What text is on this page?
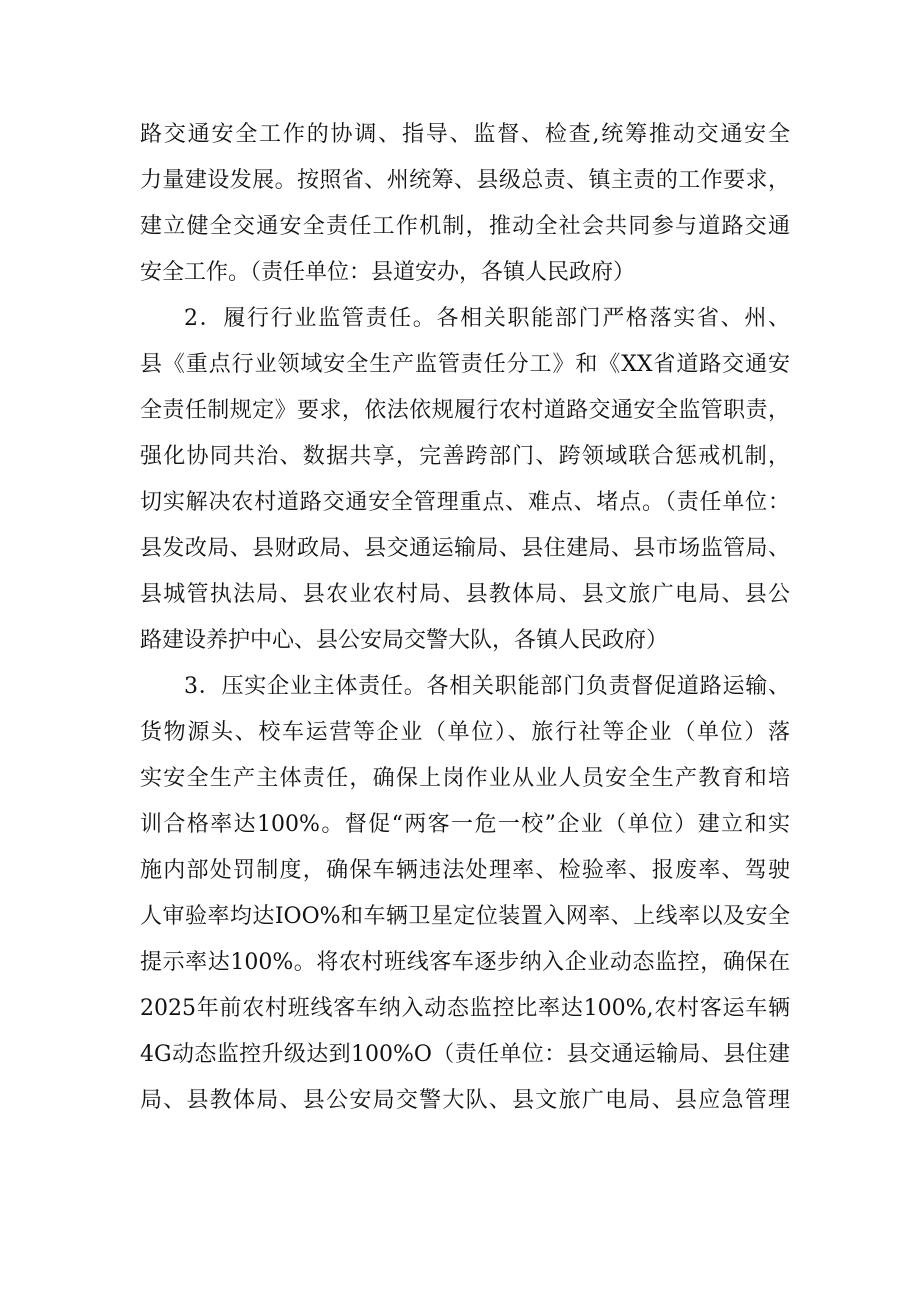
路交通安全工作的协调、指导、监督、检查,统筹推动交通安全
力量建设发展。按照省、州统筹、县级总责、镇主责的工作要求，
建立健全交通安全责任工作机制，推动全社会共同参与道路交通
安全工作。（责任单位：县道安办，各镇人民政府）
2．履行行业监管责任。各相关职能部门严格落实省、州、
县《重点行业领域安全生产监管责任分工》和《XX省道路交通安
全责任制规定》要求，依法依规履行农村道路交通安全监管职责，
强化协同共治、数据共享，完善跨部门、跨领域联合惩戒机制，
切实解决农村道路交通安全管理重点、难点、堵点。（责任单位：
县发改局、县财政局、县交通运输局、县住建局、县市场监管局、
县城管执法局、县农业农村局、县教体局、县文旅广电局、县公
路建设养护中心、县公安局交警大队，各镇人民政府）
3．压实企业主体责任。各相关职能部门负责督促道路运输、
货物源头、校车运营等企业（单位）、旅行社等企业（单位）落
实安全生产主体责任，确保上岗作业从业人员安全生产教育和培
训合格率达100%。督促“两客一危一校”企业（单位）建立和实
施内部处罚制度，确保车辆违法处理率、检验率、报废率、驾驶
人审验率均达IOO%和车辆卫星定位装置入网率、上线率以及安全
提示率达100%。将农村班线客车逐步纳入企业动态监控，确保在
2025年前农村班线客车纳入动态监控比率达100%,农村客运车辆
4G动态监控升级达到100%O（责任单位：县交通运输局、县住建
局、县教体局、县公安局交警大队、县文旅广电局、县应急管理
